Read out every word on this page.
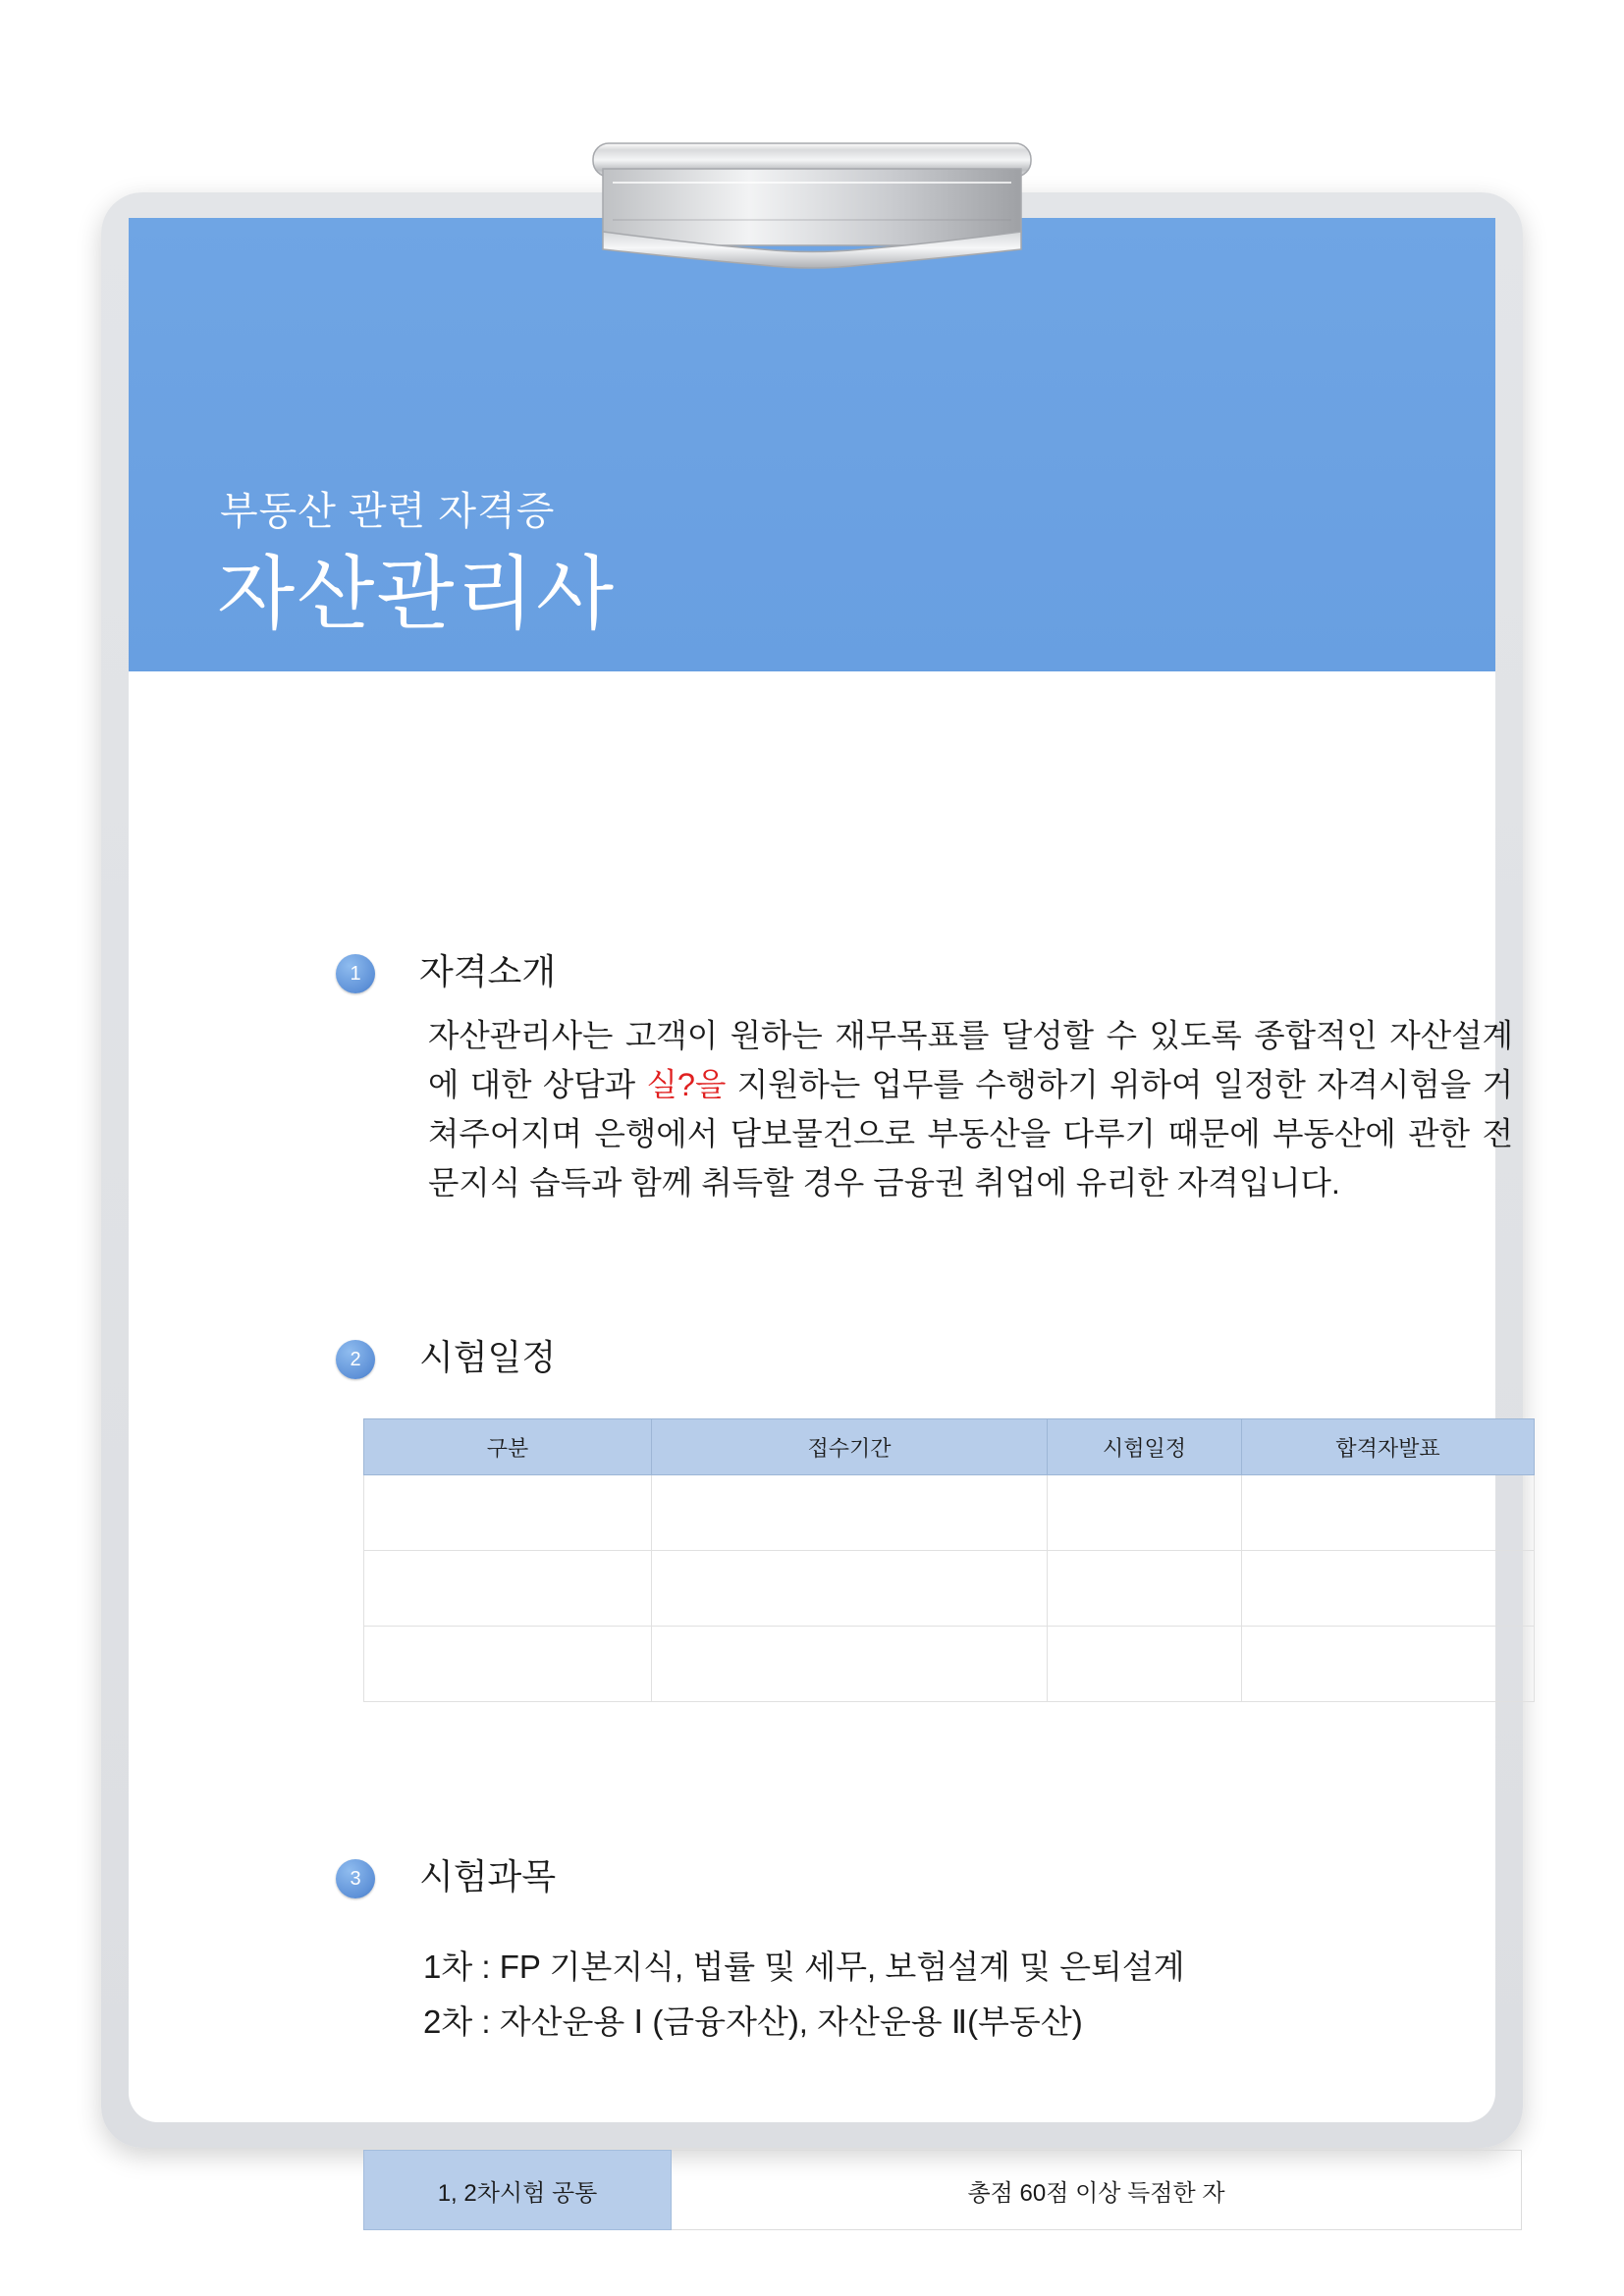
부동산 관련 자격증
자산관리사
1	자격소개
자산관리사는 고객이 원하는 재무목표를 달성할 수 있도록 종합적인 자산설계에 대한 상담과 실?을 지원하는 업무를 수행하기 위하여 일정한 자격시험을 거쳐주어지며 은행에서 담보물건으로 부동산을 다루기 때문에 부동산에 관한 전문지식 습득과 함께 취득할 경우 금융권 취업에 유리한 자격입니다.
2	시험일정
구분	접수기간	시험일정	합격자발표

3	시험과목
1차 : FP 기본지식, 법률 및 세무, 보험설계 및 은퇴설계
2차 : 자산운용 Ⅰ (금융자산), 자산운용 Ⅱ(부동산)
1, 2차시험 공통	총점 60점 이상 득점한 자
